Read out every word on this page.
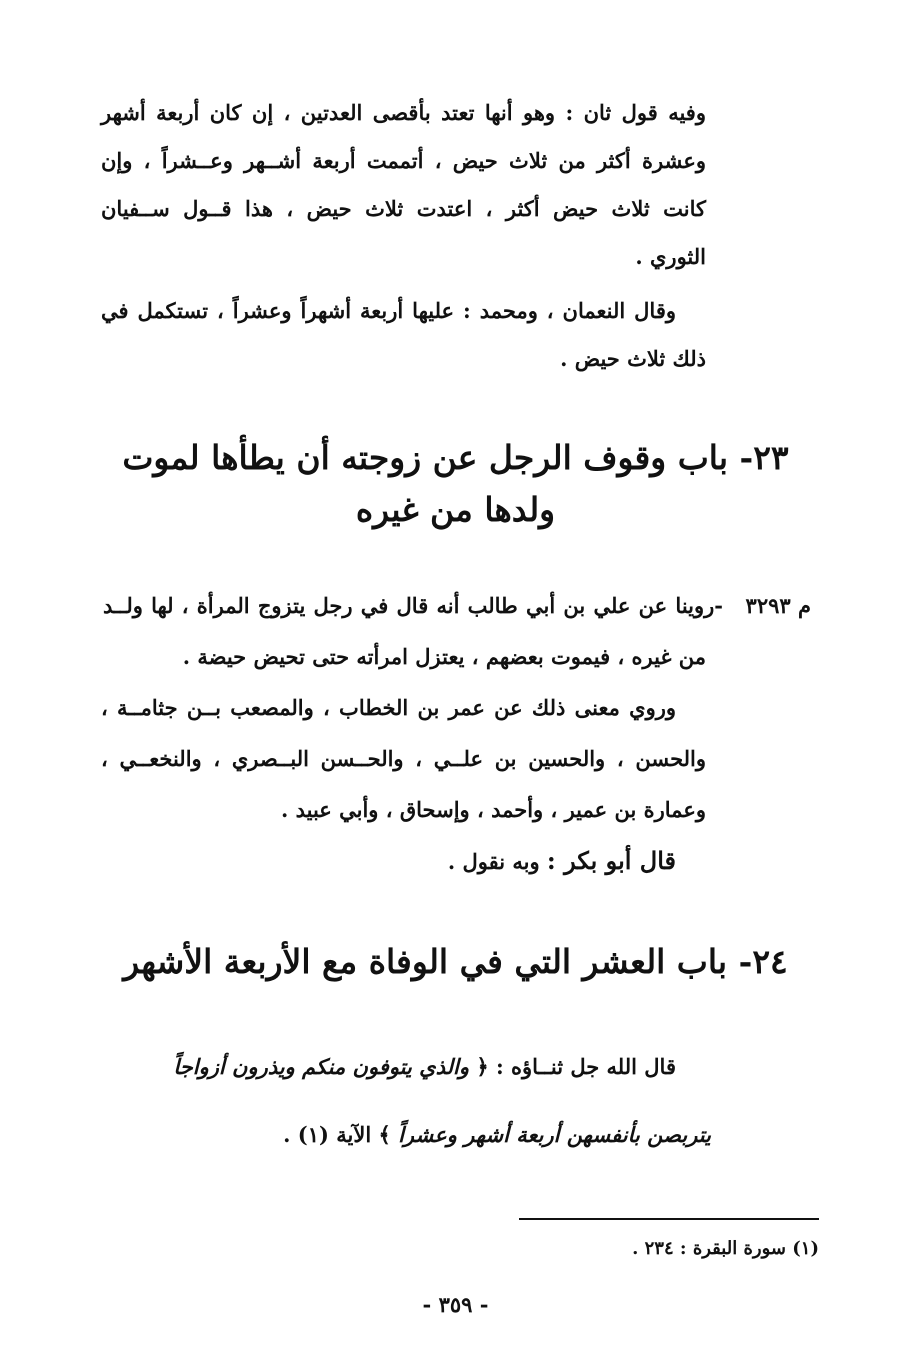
وفيه قول ثان : وهو أنها تعتد بأقصى العدتين ، إن كان أربعة أشهر
وعشرة أكثر من ثلاث حيض ، أتممت أربعة أشــهر وعــشراً ، وإن
كانت ثلاث حيض أكثر ، اعتدت ثلاث حيض ، هذا قــول ســفيان
الثوري .
وقال النعمان ، ومحمد : عليها أربعة أشهراً وعشراً ، تستكمل في
ذلك ثلاث حيض .
٢٣- باب وقوف الرجل عن زوجته أن يطأها لموت
ولدها من غيره
م ٣٢٩٣
-روينا عن علي بن أبي طالب أنه قال في رجل يتزوج المرأة ، لها ولــد
من غيره ، فيموت بعضهم ، يعتزل امرأته حتى تحيض حيضة .
وروي معنى ذلك عن عمر بن الخطاب ، والمصعب بــن جثامــة ،
والحسن ، والحسين بن علــي ، والحــسن البــصري ، والنخعــي ،
وعمارة بن عمير ، وأحمد ، وإسحاق ، وأبي عبيد .
قال أبو بكر : وبه نقول .
٢٤- باب العشر التي في الوفاة مع الأربعة الأشهر
قال الله جل ثنــاؤه : ﴿ والذي يتوفون منكم ويذرون أزواجاً
يتربصن بأنفسهن أربعة أشهر وعشراً ﴾ الآية (١) .
(١) سورة البقرة : ٢٣٤ .
- ٣٥٩ -
